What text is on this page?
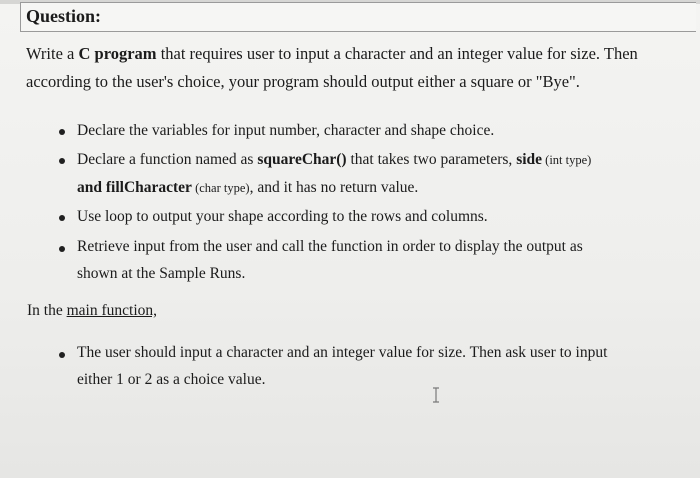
Question:
Write a C program that requires user to input a character and an integer value for size. Then
according to the user's choice, your program should output either a square or "Bye".
Declare the variables for input number, character and shape choice.
Declare a function named as squareChar() that takes two parameters, side (int type)
and fillCharacter (char type), and it has no return value.
Use loop to output your shape according to the rows and columns.
Retrieve input from the user and call the function in order to display the output as
shown at the Sample Runs.
In the main function,
The user should input a character and an integer value for size. Then ask user to input
either 1 or 2 as a choice value.
